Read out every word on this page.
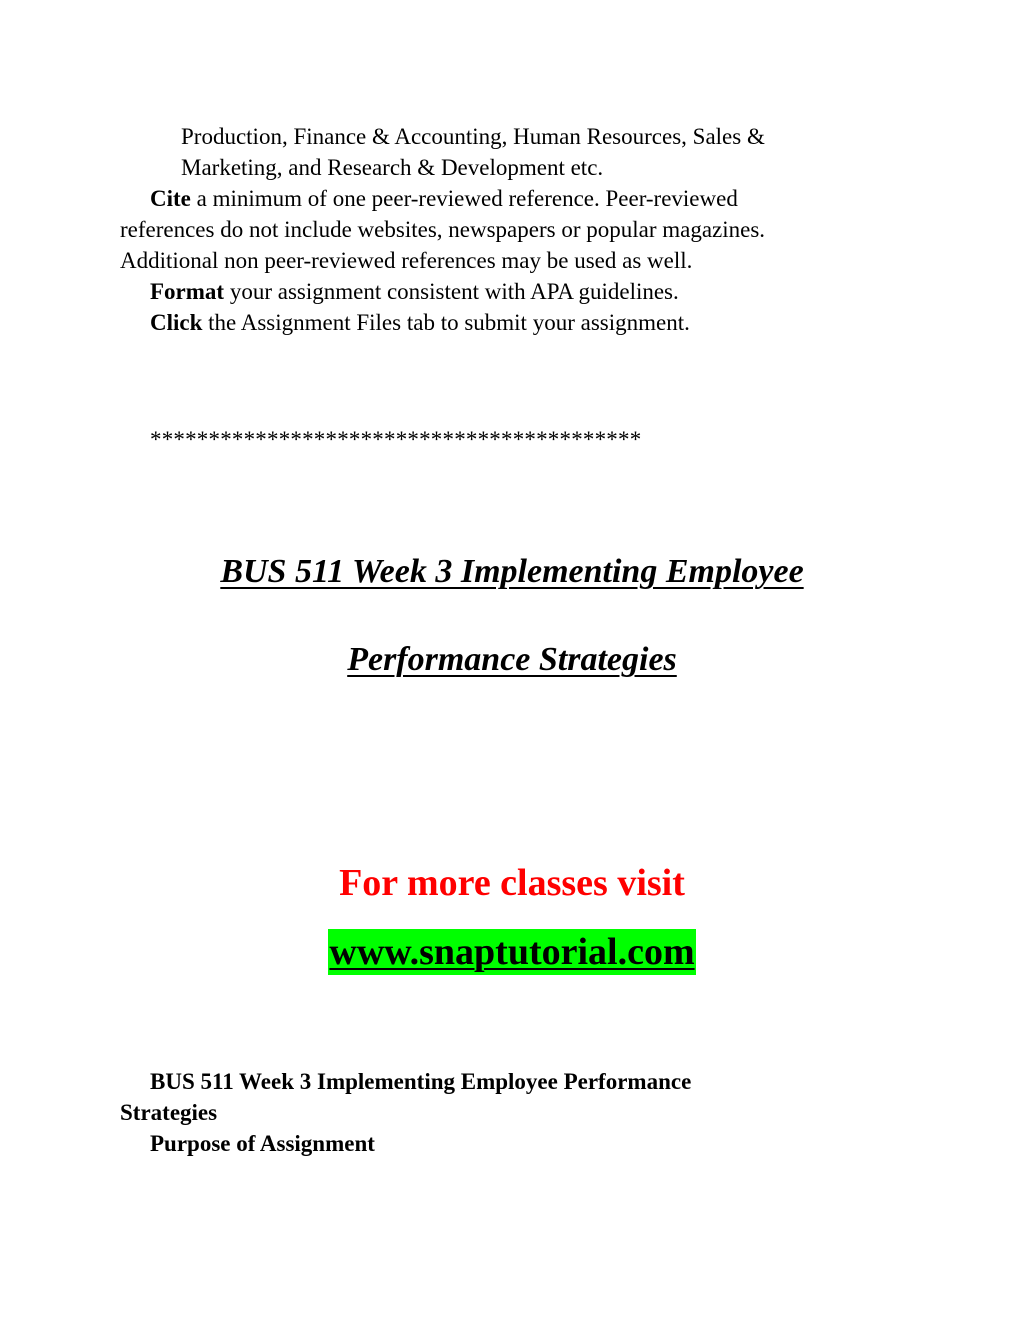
Production, Finance & Accounting, Human Resources, Sales &
Marketing, and Research & Development etc.
Cite a minimum of one peer-reviewed reference. Peer-reviewed
references do not include websites, newspapers or popular magazines.
Additional non peer-reviewed references may be used as well.
Format your assignment consistent with APA guidelines.
Click the Assignment Files tab to submit your assignment.
******************************************
BUS 511 Week 3 Implementing Employee
Performance Strategies
For more classes visit
www.snaptutorial.com
BUS 511 Week 3 Implementing Employee Performance
Strategies
Purpose of Assignment
